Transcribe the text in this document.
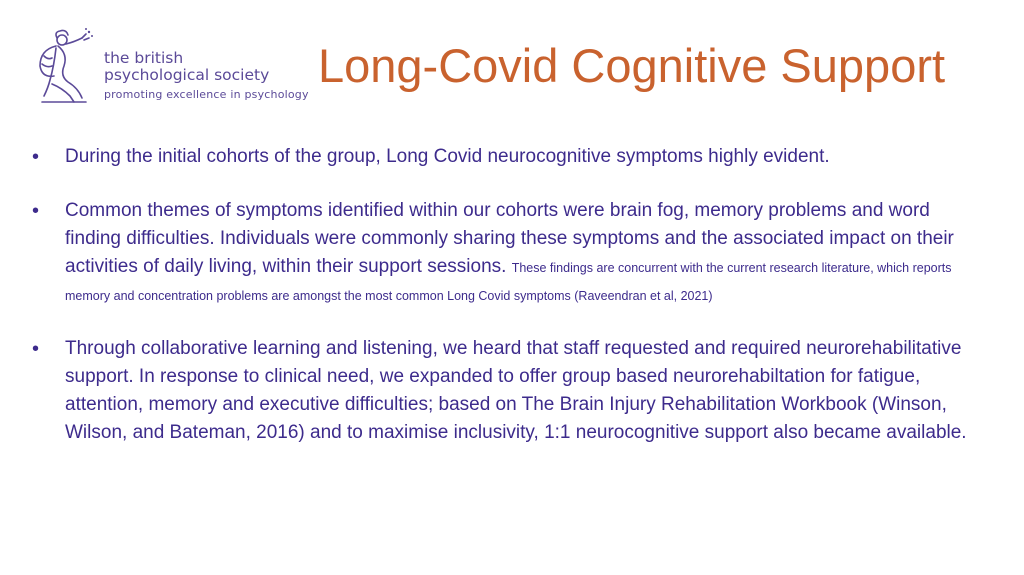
the british
psychological society
promoting excellence in psychology
Long-Covid Cognitive Support
• During the initial cohorts of the group, Long Covid neurocognitive symptoms highly evident.
• Common themes of symptoms identified within our cohorts were brain fog, memory problems and word finding difficulties. Individuals were commonly sharing these symptoms and the associated impact on their activities of daily living, within their support sessions. These findings are concurrent with the current research literature, which reports memory and concentration problems are amongst the most common Long Covid symptoms (Raveendran et al, 2021)
• Through collaborative learning and listening, we heard that staff requested and required neurorehabilitative support. In response to clinical need, we expanded to offer group based neurorehabiltation for fatigue, attention, memory and executive difficulties; based on The Brain Injury Rehabilitation Workbook (Winson, Wilson, and Bateman, 2016) and to maximise inclusivity, 1:1 neurocognitive support also became available.
